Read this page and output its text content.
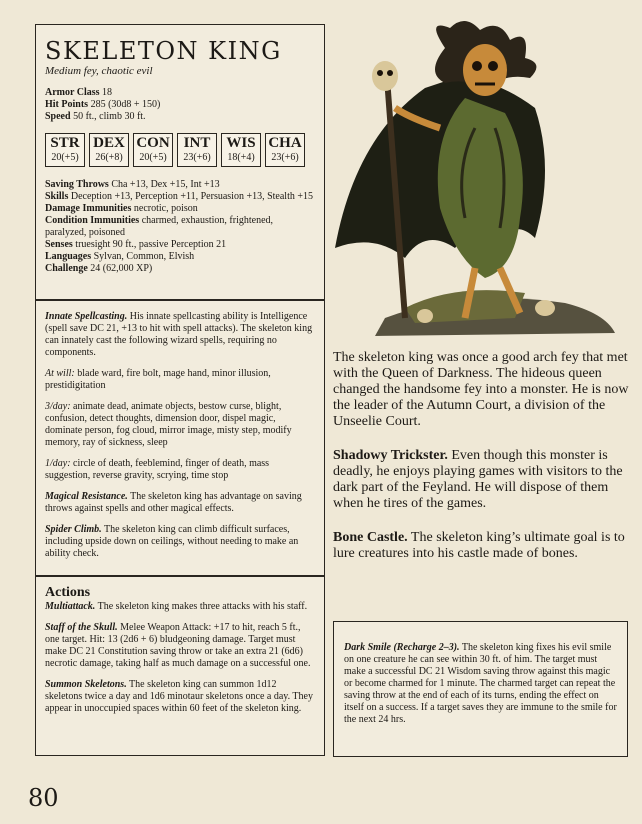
SKELETON KING

Medium fey, chaotic evil

Armor Class 18
Hit Points 285 (30d8 + 150)
Speed 50 ft., climb 30 ft.
STR
20(+5)
DEX
26(+8)
CON
20(+5)
INT
23(+6)
WIS
18(+4)
CHA
23(+6)
Saving Throws Cha +13, Dex +15, Int +13
Skills Deception +13, Perception +11, Persuasion +13, Stealth +15
Damage Immunities necrotic, poison
Condition Immunities charmed, exhaustion, frightened, paralyzed, poisoned
Senses truesight 90 ft., passive Perception 21
Languages Sylvan, Common, Elvish
Challenge 24 (62,000 XP)

Innate Spellcasting. His innate spellcasting ability is Intelligence (spell save DC 21, +13 to hit with spell attacks). The skeleton king can innately cast the following wizard spells, requiring no components.

At will: blade ward, fire bolt, mage hand, minor illusion, prestidigitation

3/day: animate dead, animate objects, bestow curse, blight, confusion, detect thoughts, dimension door, dispel magic, dominate person, fog cloud, mirror image, misty step, modify memory, ray of sickness, sleep

1/day: circle of death, feeblemind, finger of death, mass suggestion, reverse gravity, scrying, time stop

Magical Resistance. The skeleton king has advantage on saving throws against spells and other magical effects.

Spider Climb. The skeleton king can climb difficult surfaces, including upside down on ceilings, without needing to make an ability check.

Actions

Multiattack. The skeleton king makes three attacks with his staff.

Staff of the Skull. Melee Weapon Attack: +17 to hit, reach 5 ft., one target. Hit: 13 (2d6 + 6) bludgeoning damage. Target must make DC 21 Constitution saving throw or take an extra 21 (6d6) necrotic damage, taking half as much damage on a successful one.

Summon Skeletons. The skeleton king can summon 1d12 skeletons twice a day and 1d6 minotaur skeletons once a day. They appear in unoccupied spaces within 60 feet of the skeleton king.

The skeleton king was once a good arch fey that met with the Queen of Darkness. The hideous queen changed the handsome fey into a monster. He is now the leader of the Autumn Court, a division of the Unseelie Court.

Shadowy Trickster. Even though this monster is deadly, he enjoys playing games with visitors to the dark part of the Feyland. He will dispose of them when he tires of the games.

Bone Castle. The skeleton king’s ultimate goal is to lure creatures into his castle made of bones.

Dark Smile (Recharge 2–3). The skeleton king fixes his evil smile on one creature he can see within 30 ft. of him. The target must make a successful DC 21 Wisdom saving throw against this magic or become charmed for 1 minute. The charmed target can repeat the saving throw at the end of each of its turns, ending the effect on itself on a success. If a target saves they are immune to the smile for the next 24 hrs.
80
